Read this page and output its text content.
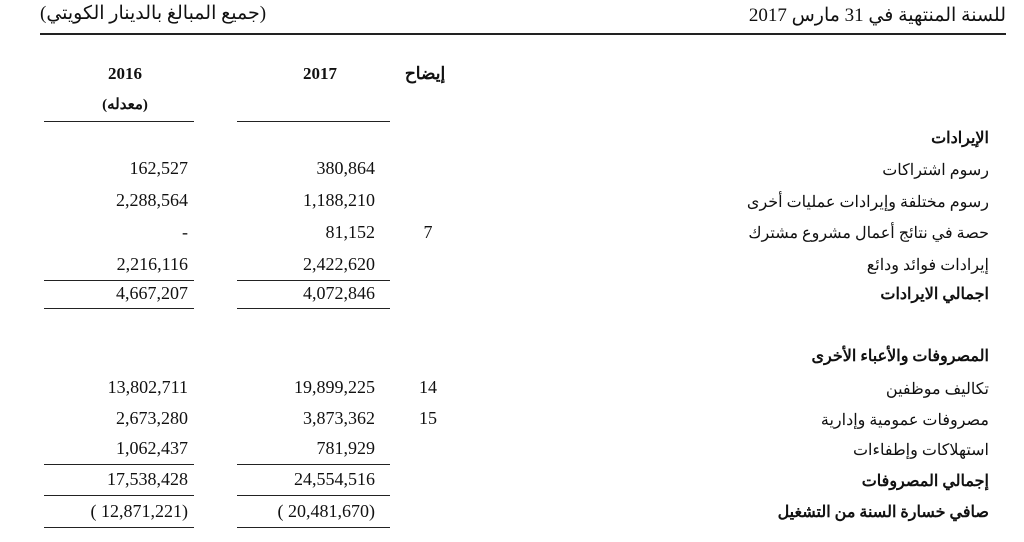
للسنة المنتهية في 31 مارس 2017
(جميع المبالغ بالدينار الكويتي)
إيضاح
2017
2016
(معدله)
الإيرادات
رسوم اشتراكات
380,864
162,527
رسوم مختلفة وإيرادات عمليات أخرى
1,188,210
2,288,564
حصة في نتائج أعمال مشروع مشترك
7
81,152
-
إيرادات فوائد ودائع
2,422,620
2,216,116
اجمالي الايرادات
4,072,846
4,667,207
المصروفات والأعباء الأخرى
تكاليف موظفين
14
19,899,225
13,802,711
مصروفات عمومية وإدارية
15
3,873,362
2,673,280
استهلاكات وإطفاءات
781,929
1,062,437
إجمالي المصروفات
24,554,516
17,538,428
صافي خسارة السنة من التشغيل
( 20,481,670)
( 12,871,221)
